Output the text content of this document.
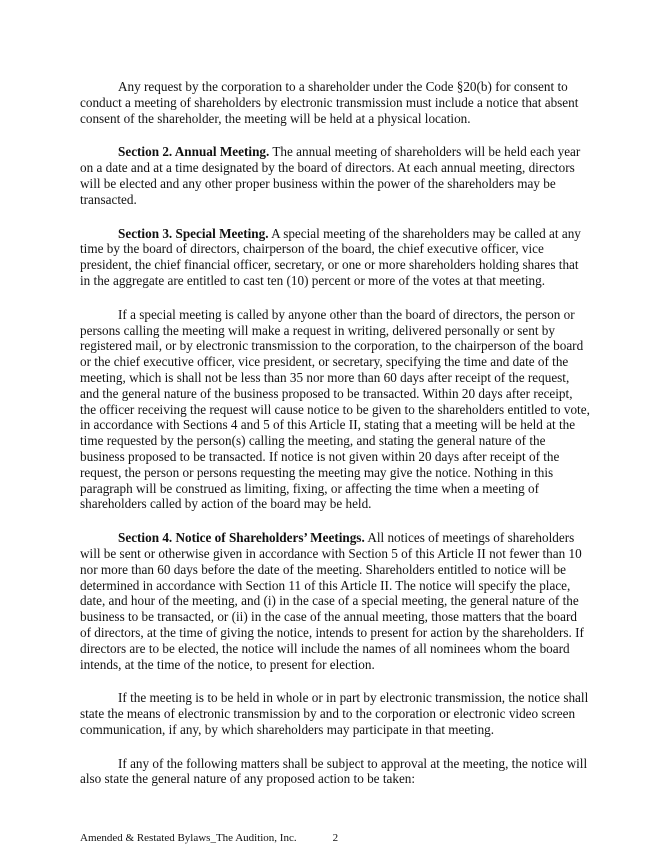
Any request by the corporation to a shareholder under the Code §20(b) for consent to conduct a meeting of shareholders by electronic transmission must include a notice that absent consent of the shareholder, the meeting will be held at a physical location.

Section 2. Annual Meeting. The annual meeting of shareholders will be held each year on a date and at a time designated by the board of directors. At each annual meeting, directors will be elected and any other proper business within the power of the shareholders may be transacted.

Section 3. Special Meeting. A special meeting of the shareholders may be called at any time by the board of directors, chairperson of the board, the chief executive officer, vice president, the chief financial officer, secretary, or one or more shareholders holding shares that in the aggregate are entitled to cast ten (10) percent or more of the votes at that meeting.

If a special meeting is called by anyone other than the board of directors, the person or persons calling the meeting will make a request in writing, delivered personally or sent by registered mail, or by electronic transmission to the corporation, to the chairperson of the board or the chief executive officer, vice president, or secretary, specifying the time and date of the meeting, which is shall not be less than 35 nor more than 60 days after receipt of the request, and the general nature of the business proposed to be transacted. Within 20 days after receipt, the officer receiving the request will cause notice to be given to the shareholders entitled to vote, in accordance with Sections 4 and 5 of this Article II, stating that a meeting will be held at the time requested by the person(s) calling the meeting, and stating the general nature of the business proposed to be transacted. If notice is not given within 20 days after receipt of the request, the person or persons requesting the meeting may give the notice. Nothing in this paragraph will be construed as limiting, fixing, or affecting the time when a meeting of shareholders called by action of the board may be held.

Section 4. Notice of Shareholders’ Meetings. All notices of meetings of shareholders will be sent or otherwise given in accordance with Section 5 of this Article II not fewer than 10 nor more than 60 days before the date of the meeting. Shareholders entitled to notice will be determined in accordance with Section 11 of this Article II. The notice will specify the place, date, and hour of the meeting, and (i) in the case of a special meeting, the general nature of the business to be transacted, or (ii) in the case of the annual meeting, those matters that the board of directors, at the time of giving the notice, intends to present for action by the shareholders. If directors are to be elected, the notice will include the names of all nominees whom the board intends, at the time of the notice, to present for election.

If the meeting is to be held in whole or in part by electronic transmission, the notice shall state the means of electronic transmission by and to the corporation or electronic video screen communication, if any, by which shareholders may participate in that meeting.

If any of the following matters shall be subject to approval at the meeting, the notice will also state the general nature of any proposed action to be taken:

Amended & Restated Bylaws_The Audition, Inc.	2
